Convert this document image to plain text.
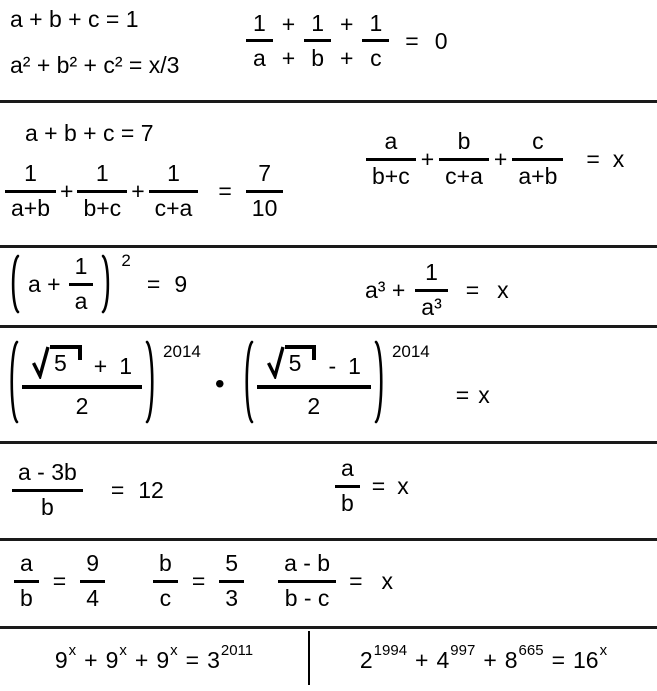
a + b + c = 1
a² + b² + c² = x/3
1 + 1 + 1
a + b + c
= 0
a + b + c = 7
$\frac{1}{a+b} + \frac{1}{b+c} + \frac{1}{c+a} = \frac{7}{10}$
$\frac{a}{b+c} + \frac{b}{c+a} + \frac{c}{a+b} = x$
$a + \frac{1}{a} 2$
= 9	$a^3 + \frac{1}{\text{a³}} = x$
5	+ 1
2 2014
• 5	- 1
2 2014
= x
$\frac{a - 3b}{b} = 12$	$\frac{a}{b} = x$
$\frac{a}{b} = \frac{9}{4} \frac{b}{c} = \frac{5}{3} \frac{a - b}{b - c} = x$
9 x + 9 x + 9 x = 3 2011	2 1994 + 4 997 + 8 665 = 16 x
